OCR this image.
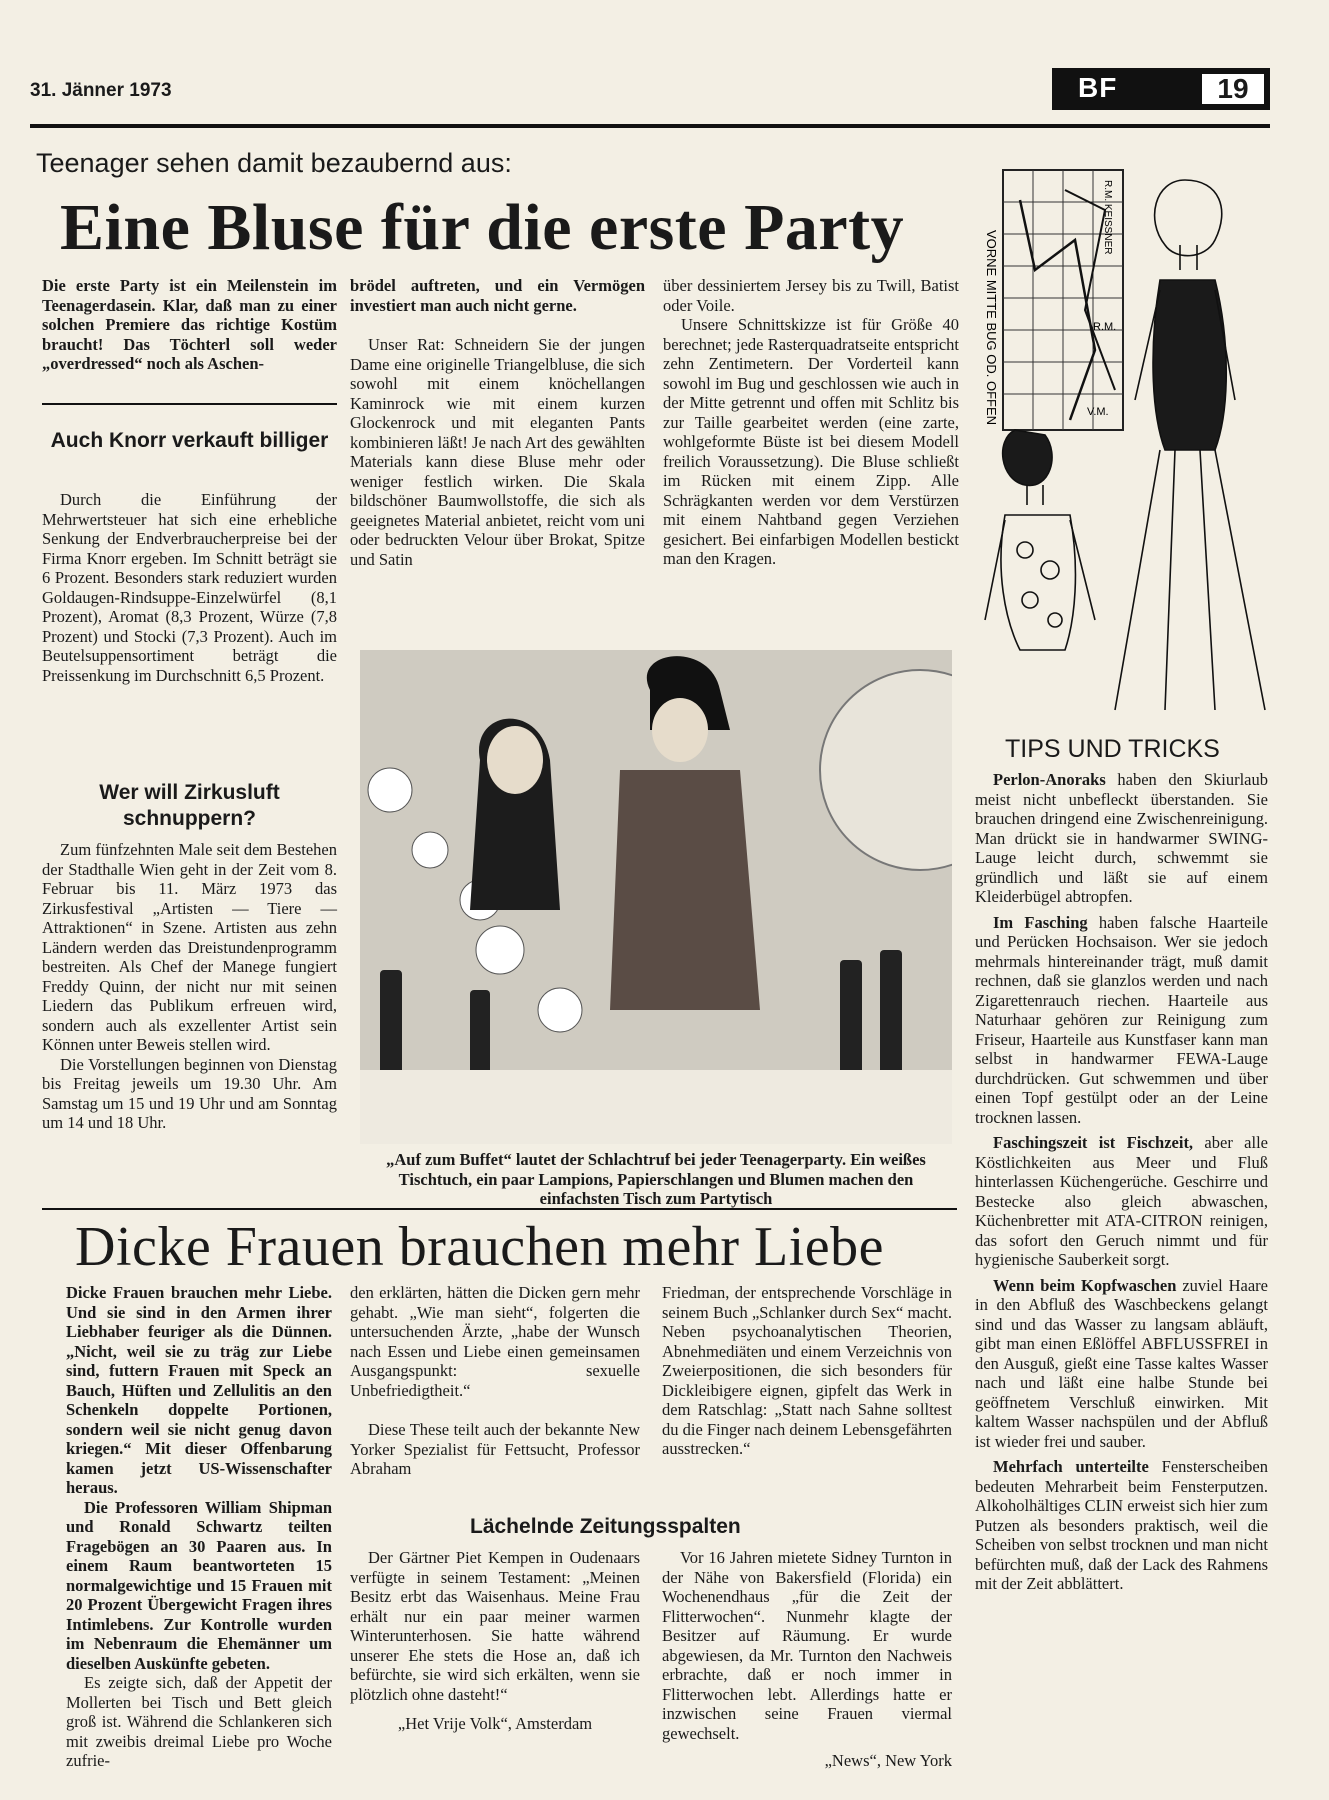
31. Jänner 1973	BF	19
Teenager sehen damit bezaubernd aus:
Eine Bluse für die erste Party
Die erste Party ist ein Meilenstein im Teenagerdasein. Klar, daß man zu einer solchen Premiere das richtige Kostüm braucht! Das Töchterl soll weder „overdressed“ noch als Aschen-
Auch Knorr verkauft billiger

Durch die Einführung der Mehrwertsteuer hat sich eine erhebliche Senkung der Endverbraucherpreise bei der Firma Knorr ergeben. Im Schnitt beträgt sie 6 Prozent. Besonders stark reduziert wurden Goldaugen-Rindsuppe-Einzelwürfel (8,1 Prozent), Aromat (8,3 Prozent, Würze (7,8 Prozent) und Stocki (7,3 Prozent). Auch im Beutelsuppensortiment beträgt die Preissenkung im Durchschnitt 6,5 Prozent.

Wer will Zirkusluft schnuppern?

Zum fünfzehnten Male seit dem Bestehen der Stadthalle Wien geht in der Zeit vom 8. Februar bis 11. März 1973 das Zirkusfestival „Artisten — Tiere — Attraktionen“ in Szene. Artisten aus zehn Ländern werden das Dreistundenprogramm bestreiten. Als Chef der Manege fungiert Freddy Quinn, der nicht nur mit seinen Liedern das Publikum erfreuen wird, sondern auch als exzellenter Artist sein Können unter Beweis stellen wird.

Die Vorstellungen beginnen von Dienstag bis Freitag jeweils um 19.30 Uhr. Am Samstag um 15 und 19 Uhr und am Sonntag um 14 und 18 Uhr.

brödel auftreten, und ein Vermögen investiert man auch nicht gerne.

Unser Rat: Schneidern Sie der jungen Dame eine originelle Triangelbluse, die sich sowohl mit einem knöchellangen Kaminrock wie mit einem kurzen Glockenrock und mit eleganten Pants kombinieren läßt! Je nach Art des gewählten Materials kann diese Bluse mehr oder weniger festlich wirken. Die Skala bildschöner Baumwollstoffe, die sich als geeignetes Material anbietet, reicht vom uni oder bedruckten Velour über Brokat, Spitze und Satin

über dessiniertem Jersey bis zu Twill, Batist oder Voile.

Unsere Schnittskizze ist für Größe 40 berechnet; jede Rasterquadratseite entspricht zehn Zentimetern. Der Vorderteil kann sowohl im Bug und geschlossen wie auch in der Mitte getrennt und offen mit Schlitz bis zur Taille gearbeitet werden (eine zarte, wohlgeformte Büste ist bei diesem Modell freilich Voraussetzung). Die Bluse schließt im Rücken mit einem Zipp. Alle Schrägkanten werden vor dem Verstürzen mit einem Nahtband gegen Verziehen gesichert. Bei einfarbigen Modellen bestickt man den Kragen.

VORNE MITTE BUG OD. OFFEN
R.M. KEISSNER
R.M.
V.M.
„Auf zum Buffet“ lautet der Schlachtruf bei jeder Teenagerparty. Ein weißes Tischtuch, ein paar Lampions, Papierschlangen und Blumen machen den einfachsten Tisch zum Partytisch
TIPS UND TRICKS

Perlon-Anoraks haben den Skiurlaub meist nicht unbefleckt überstanden. Sie brauchen dringend eine Zwischenreinigung. Man drückt sie in handwarmer SWING-Lauge leicht durch, schwemmt sie gründlich und läßt sie auf einem Kleiderbügel abtropfen.

Im Fasching haben falsche Haarteile und Perücken Hochsaison. Wer sie jedoch mehrmals hintereinander trägt, muß damit rechnen, daß sie glanzlos werden und nach Zigarettenrauch riechen. Haarteile aus Naturhaar gehören zur Reinigung zum Friseur, Haarteile aus Kunstfaser kann man selbst in handwarmer FEWA-Lauge durchdrücken. Gut schwemmen und über einen Topf gestülpt oder an der Leine trocknen lassen.

Faschingszeit ist Fischzeit, aber alle Köstlichkeiten aus Meer und Fluß hinterlassen Küchengerüche. Geschirre und Bestecke also gleich abwaschen, Küchenbretter mit ATA-CITRON reinigen, das sofort den Geruch nimmt und für hygienische Sauberkeit sorgt.

Wenn beim Kopfwaschen zuviel Haare in den Abfluß des Waschbeckens gelangt sind und das Wasser zu langsam abläuft, gibt man einen Eßlöffel ABFLUSSFREI in den Ausguß, gießt eine Tasse kaltes Wasser nach und läßt eine halbe Stunde bei geöffnetem Verschluß einwirken. Mit kaltem Wasser nachspülen und der Abfluß ist wieder frei und sauber.

Mehrfach unterteilte Fensterscheiben bedeuten Mehrarbeit beim Fensterputzen. Alkoholhältiges CLIN erweist sich hier zum Putzen als besonders praktisch, weil die Scheiben von selbst trocknen und man nicht befürchten muß, daß der Lack des Rahmens mit der Zeit abblättert.

Dicke Frauen brauchen mehr Liebe

Dicke Frauen brauchen mehr Liebe. Und sie sind in den Armen ihrer Liebhaber feuriger als die Dünnen. „Nicht, weil sie zu träg zur Liebe sind, futtern Frauen mit Speck an Bauch, Hüften und Zellulitis an den Schenkeln doppelte Portionen, sondern weil sie nicht genug davon kriegen.“ Mit dieser Offenbarung kamen jetzt US-Wissenschafter heraus.

Die Professoren William Shipman und Ronald Schwartz teilten Fragebögen an 30 Paaren aus. In einem Raum beantworteten 15 normalgewichtige und 15 Frauen mit 20 Prozent Übergewicht Fragen ihres Intimlebens. Zur Kontrolle wurden im Nebenraum die Ehemänner um dieselben Auskünfte gebeten.

Es zeigte sich, daß der Appetit der Mollerten bei Tisch und Bett gleich groß ist. Während die Schlankeren sich mit zweibis dreimal Liebe pro Woche zufrie-

den erklärten, hätten die Dicken gern mehr gehabt. „Wie man sieht“, folgerten die untersuchenden Ärzte, „habe der Wunsch nach Essen und Liebe einen gemeinsamen Ausgangspunkt: sexuelle Unbefriedigtheit.“

Diese These teilt auch der bekannte New Yorker Spezialist für Fettsucht, Professor Abraham

Friedman, der entsprechende Vorschläge in seinem Buch „Schlanker durch Sex“ macht. Neben psychoanalytischen Theorien, Abnehmediäten und einem Verzeichnis von Zweierpositionen, die sich besonders für Dickleibigere eignen, gipfelt das Werk in dem Ratschlag: „Statt nach Sahne solltest du die Finger nach deinem Lebensgefährten ausstrecken.“

Lächelnde Zeitungsspalten

Der Gärtner Piet Kempen in Oudenaars verfügte in seinem Testament: „Meinen Besitz erbt das Waisenhaus. Meine Frau erhält nur ein paar meiner warmen Winterunterhosen. Sie hatte während unserer Ehe stets die Hose an, daß ich befürchte, sie wird sich erkälten, wenn sie plötzlich ohne dasteht!“

„Het Vrije Volk“, Amsterdam

Vor 16 Jahren mietete Sidney Turnton in der Nähe von Bakersfield (Florida) ein Wochenendhaus „für die Zeit der Flitterwochen“. Nunmehr klagte der Besitzer auf Räumung. Er wurde abgewiesen, da Mr. Turnton den Nachweis erbrachte, daß er noch immer in Flitterwochen lebt. Allerdings hatte er inzwischen seine Frauen viermal gewechselt.

„News“, New York
